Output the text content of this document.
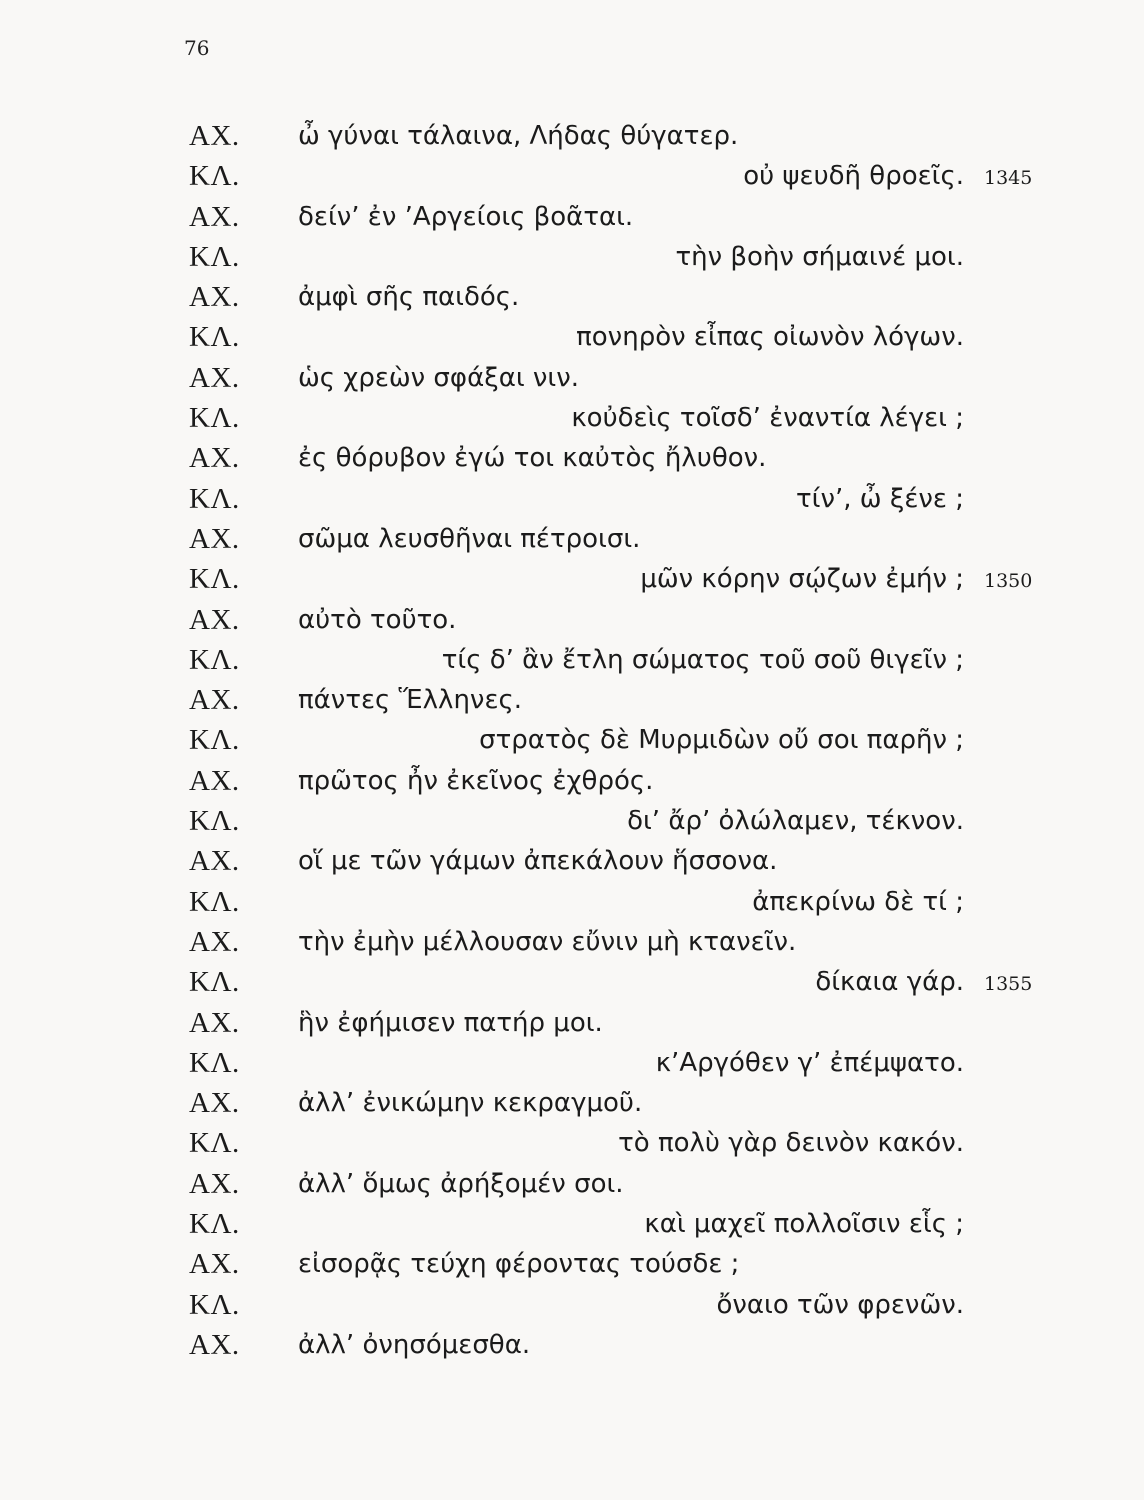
76
ΑΧ. ὦ γύναι τάλαινα, Λήδας θύγατερ.
ΚΛ.	οὐ ψευδῆ θροεῖς. 1345
ΑΧ. δείν’ ἐν ’Αργείοις βοᾶται.
ΚΛ.	τὴν βοὴν σήμαινέ μοι.
ΑΧ. ἀμφὶ σῆς παιδός.
ΚΛ.	πονηρὸν εἶπας οἰωνὸν λόγων.
ΑΧ. ὡς χρεὼν σφάξαι νιν.
ΚΛ.	κοὐδεὶς τοῖσδ’ ἐναντία λέγει ;
ΑΧ. ἐς θόρυβον ἐγώ τοι καὐτὸς ἤλυθον.
ΚΛ.	τίν’, ὦ ξένε ;
ΑΧ. σῶμα λευσθῆναι πέτροισι.
ΚΛ.	μῶν κόρην σῴζων ἐμήν ; 1350
ΑΧ. αὐτὸ τοῦτο.
ΚΛ.	τίς δ’ ἂν ἔτλη σώματος τοῦ σοῦ θιγεῖν ;
ΑΧ. πάντες Ἕλληνες.
ΚΛ.	στρατὸς δὲ Μυρμιδὼν οὔ σοι παρῆν ;
ΑΧ. πρῶτος ἦν ἐκεῖνος ἐχθρός.
ΚΛ.	δι’ ἄρ’ ὀλώλαμεν, τέκνον.
ΑΧ. οἵ με τῶν γάμων ἀπεκάλουν ἥσσονα.
ΚΛ.	ἀπεκρίνω δὲ τί ;
ΑΧ. τὴν ἐμὴν μέλλουσαν εὔνιν μὴ κτανεῖν.
ΚΛ.	δίκαια γάρ. 1355
ΑΧ. ἣν ἐφήμισεν πατήρ μοι.
ΚΛ.	κ’Αργόθεν γ’ ἐπέμψατο.
ΑΧ. ἀλλ’ ἐνικώμην κεκραγμοῦ.
ΚΛ.	τὸ πολὺ γὰρ δεινὸν κακόν.
ΑΧ. ἀλλ’ ὅμως ἀρήξομέν σοι.
ΚΛ.	καὶ μαχεῖ πολλοῖσιν εἷς ;
ΑΧ. εἰσορᾷς τεύχη φέροντας τούσδε ;
ΚΛ.	ὄναιο τῶν φρενῶν.
ΑΧ. ἀλλ’ ὀνησόμεσθα.
